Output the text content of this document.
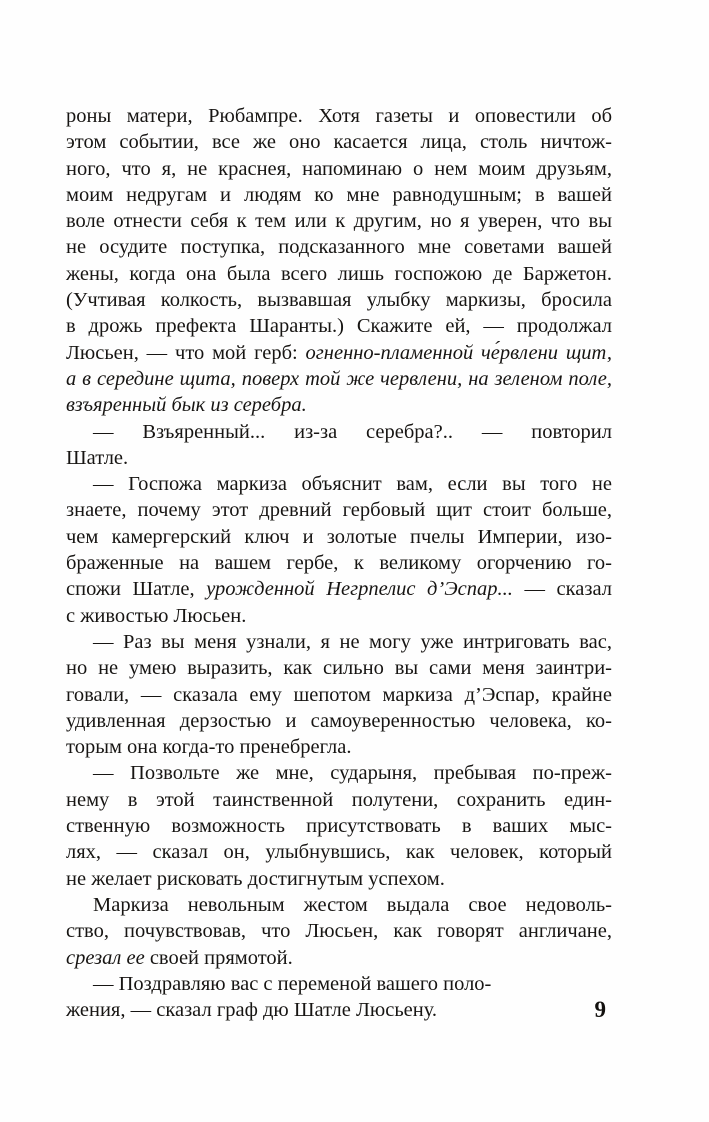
роны матери, Рюбампре. Хотя газеты и оповестили об
этом событии, все же оно касается лица, столь ничтож-
ного, что я, не краснея, напоминаю о нем моим друзьям,
моим недругам и людям ко мне равнодушным; в вашей
воле отнести себя к тем или к другим, но я уверен, что вы
не осудите поступка, подсказанного мне советами вашей
жены, когда она была всего лишь госпожою де Баржетон.
(Учтивая колкость, вызвавшая улыбку маркизы, бросила
в дрожь префекта Шаранты.) Скажите ей, — продолжал
Люсьен, — что мой герб: огненно-пламенной че́рвлени щит,
а в середине щита, поверх той же червлени, на зеленом поле,
взъяренный бык из серебра.
— Взъяренный... из-за серебра?.. — повторил
Шатле.
— Госпожа маркиза объяснит вам, если вы того не
знаете, почему этот древний гербовый щит стоит больше,
чем камергерский ключ и золотые пчелы Империи, изо-
браженные на вашем гербе, к великому огорчению го-
спожи Шатле, урожденной Негрпелис д’Эспар... — сказал
с живостью Люсьен.
— Раз вы меня узнали, я не могу уже интриговать вас,
но не умею выразить, как сильно вы сами меня заинтри-
говали, — сказала ему шепотом маркиза д’Эспар, крайне
удивленная дерзостью и самоуверенностью человека, ко-
торым она когда-то пренебрегла.
— Позвольте же мне, сударыня, пребывая по-преж-
нему в этой таинственной полутени, сохранить един-
ственную возможность присутствовать в ваших мыс-
лях, — сказал он, улыбнувшись, как человек, который
не желает рисковать достигнутым успехом.
Маркиза невольным жестом выдала свое недоволь-
ство, почувствовав, что Люсьен, как говорят англичане,
срезал ее своей прямотой.
— Поздравляю вас с переменой вашего поло-
жения, — сказал граф дю Шатле Люсьену.	9
